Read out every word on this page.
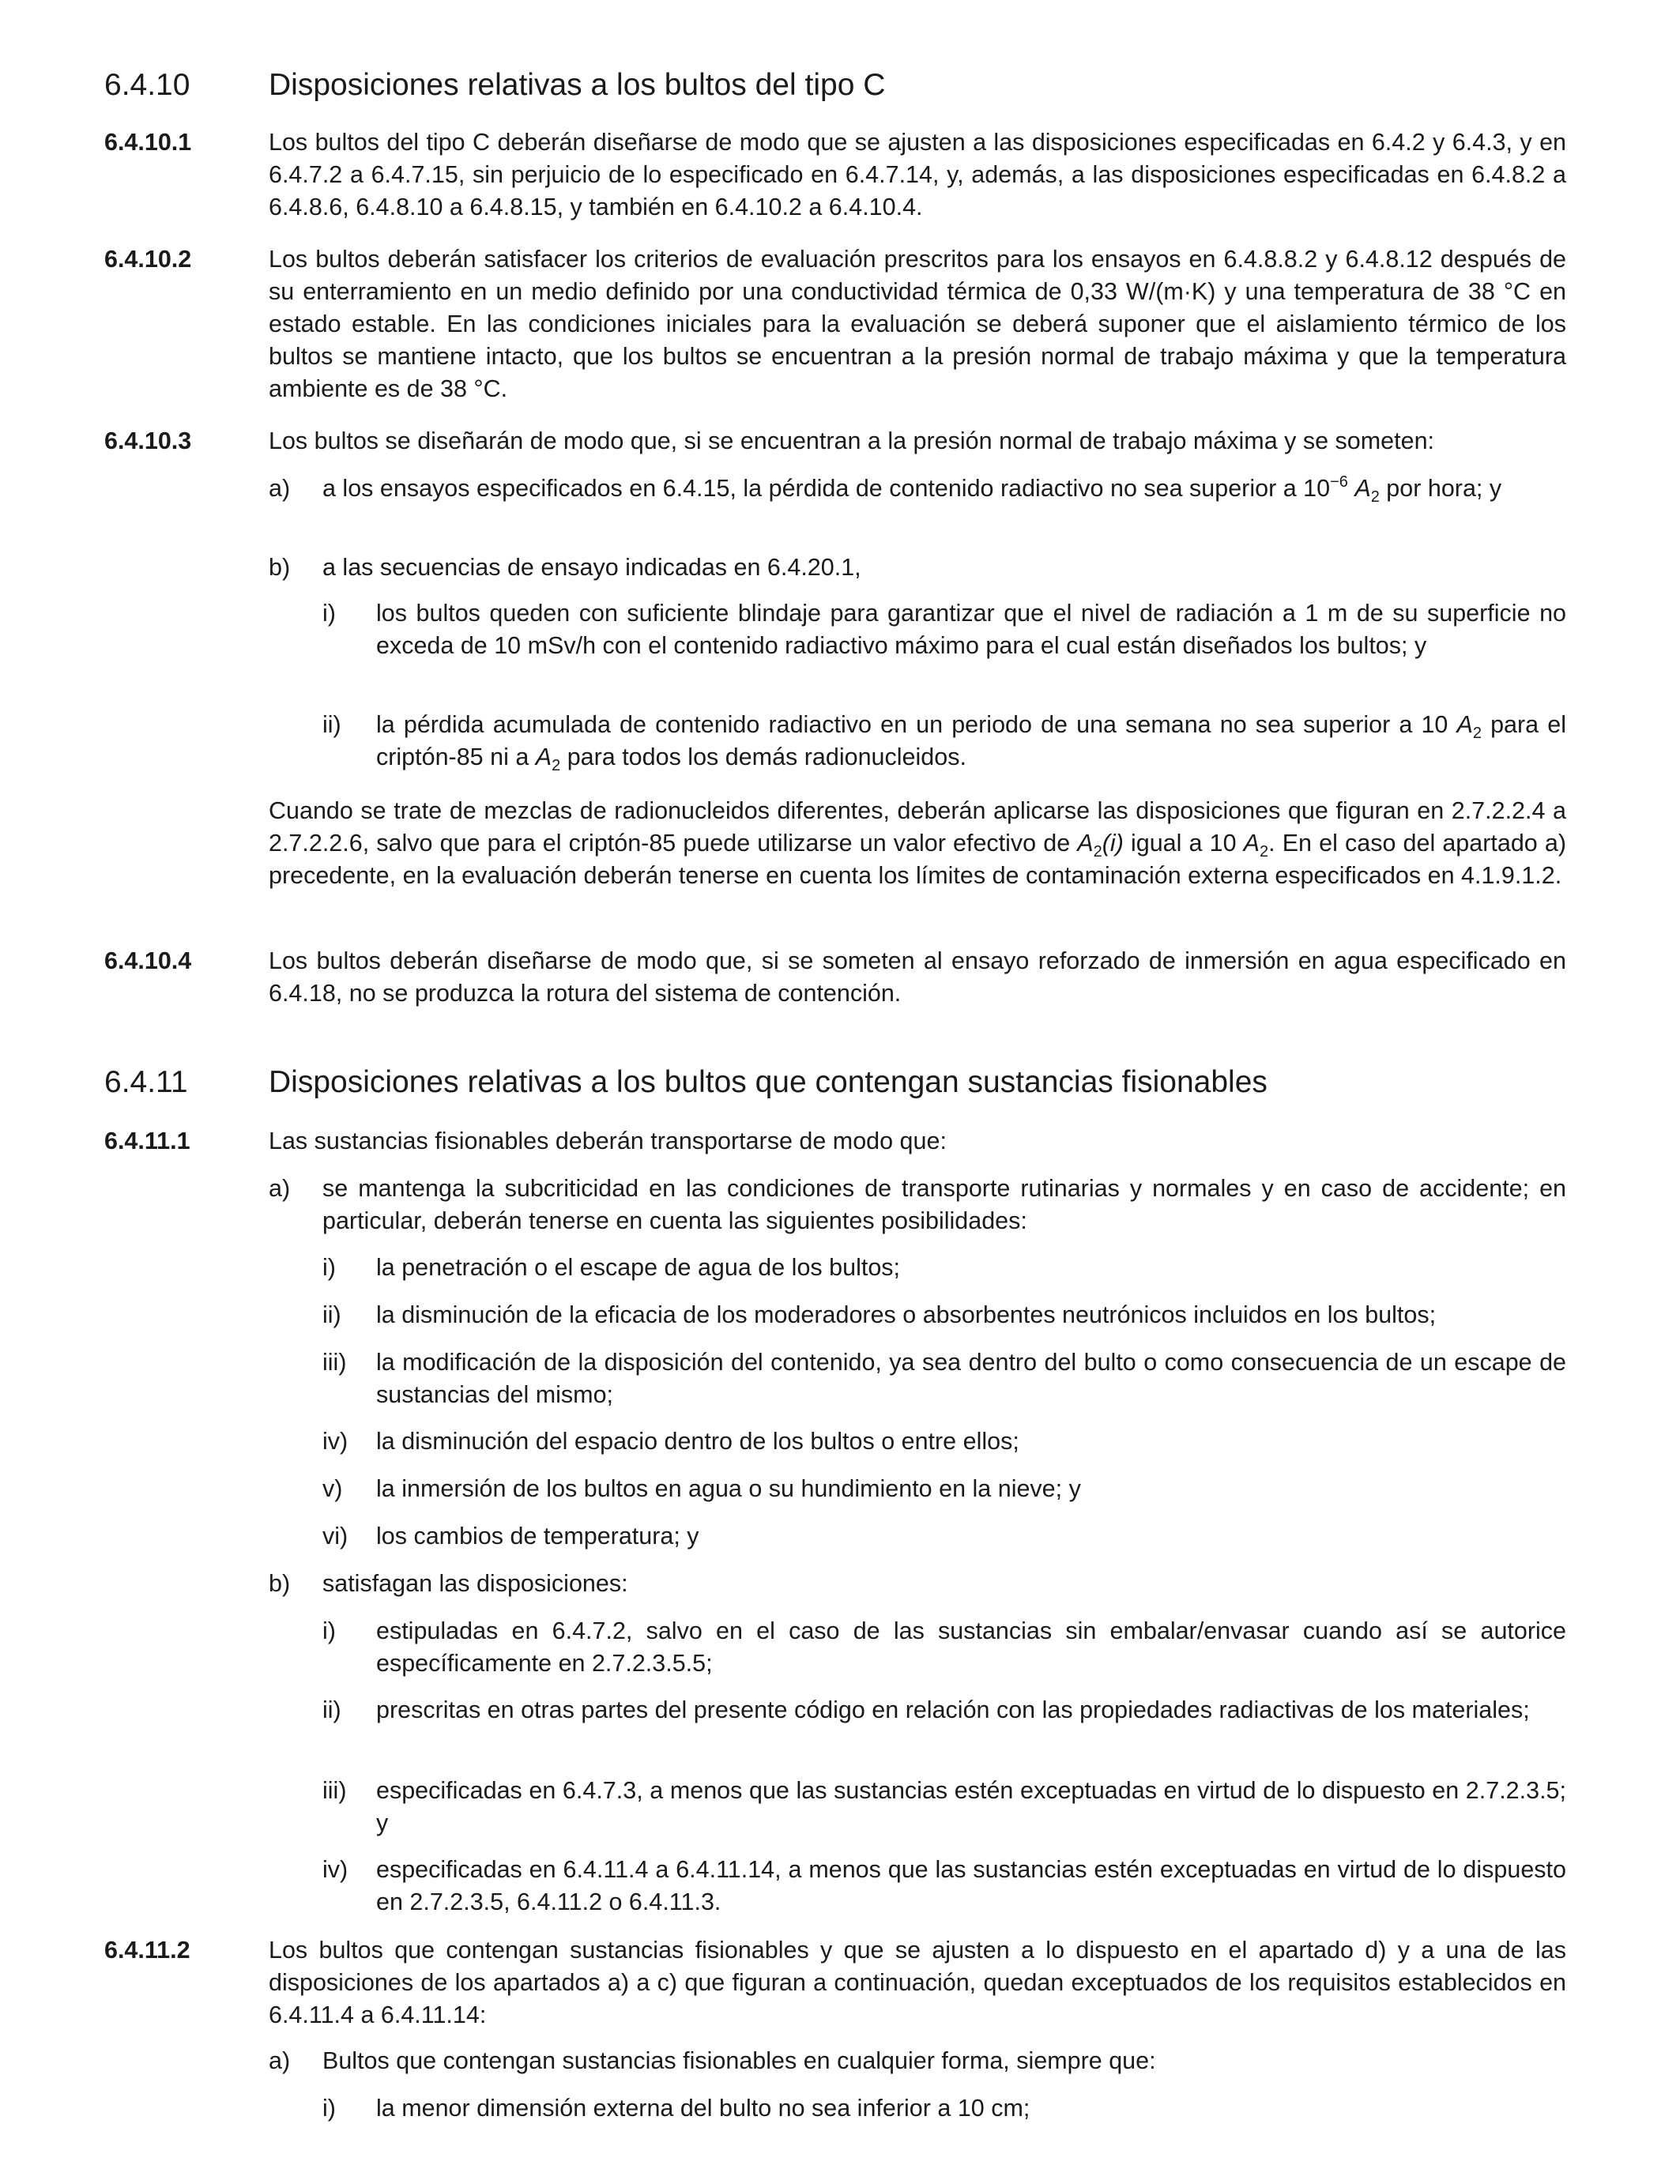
6.4.10	Disposiciones relativas a los bultos del tipo C
6.4.10.1	Los bultos del tipo C deberán diseñarse de modo que se ajusten a las disposiciones especificadas en 6.4.2 y 6.4.3, y en 6.4.7.2 a 6.4.7.15, sin perjuicio de lo especificado en 6.4.7.14, y, además, a las disposiciones especificadas en 6.4.8.2 a 6.4.8.6, 6.4.8.10 a 6.4.8.15, y también en 6.4.10.2 a 6.4.10.4.
6.4.10.2	Los bultos deberán satisfacer los criterios de evaluación prescritos para los ensayos en 6.4.8.8.2 y 6.4.8.12 después de su enterramiento en un medio definido por una conductividad térmica de 0,33 W/(m·K) y una temperatura de 38 °C en estado estable. En las condiciones iniciales para la evaluación se deberá suponer que el aislamiento térmico de los bultos se mantiene intacto, que los bultos se encuentran a la presión normal de trabajo máxima y que la temperatura ambiente es de 38 °C.
6.4.10.3	Los bultos se diseñarán de modo que, si se encuentran a la presión normal de trabajo máxima y se someten:
a) a los ensayos especificados en 6.4.15, la pérdida de contenido radiactivo no sea superior a $10^{-6}$ $A_2$ por hora; y
b) a las secuencias de ensayo indicadas en 6.4.20.1,
i) los bultos queden con suficiente blindaje para garantizar que el nivel de radiación a 1 m de su superficie no exceda de 10 mSv/h con el contenido radiactivo máximo para el cual están diseñados los bultos; y
ii) la pérdida acumulada de contenido radiactivo en un periodo de una semana no sea superior a 10 $A_2$ para el criptón-85 ni a $A_2$ para todos los demás radionucleidos.
Cuando se trate de mezclas de radionucleidos diferentes, deberán aplicarse las disposiciones que figuran en 2.7.2.2.4 a 2.7.2.2.6, salvo que para el criptón-85 puede utilizarse un valor efectivo de $A_2(i)$ igual a 10 $A_2$. En el caso del apartado a) precedente, en la evaluación deberán tenerse en cuenta los límites de contaminación externa especificados en 4.1.9.1.2.
6.4.10.4	Los bultos deberán diseñarse de modo que, si se someten al ensayo reforzado de inmersión en agua especificado en 6.4.18, no se produzca la rotura del sistema de contención.
6.4.11	Disposiciones relativas a los bultos que contengan sustancias fisionables
6.4.11.1	Las sustancias fisionables deberán transportarse de modo que:
a) se mantenga la subcriticidad en las condiciones de transporte rutinarias y normales y en caso de accidente; en particular, deberán tenerse en cuenta las siguientes posibilidades:
i) la penetración o el escape de agua de los bultos;
ii) la disminución de la eficacia de los moderadores o absorbentes neutrónicos incluidos en los bultos;
iii) la modificación de la disposición del contenido, ya sea dentro del bulto o como consecuencia de un escape de sustancias del mismo;
iv) la disminución del espacio dentro de los bultos o entre ellos;
v) la inmersión de los bultos en agua o su hundimiento en la nieve; y
vi) los cambios de temperatura; y
b) satisfagan las disposiciones:
i) estipuladas en 6.4.7.2, salvo en el caso de las sustancias sin embalar/envasar cuando así se autorice específicamente en 2.7.2.3.5.5;
ii) prescritas en otras partes del presente código en relación con las propiedades radiactivas de los materiales;
iii) especificadas en 6.4.7.3, a menos que las sustancias estén exceptuadas en virtud de lo dispuesto en 2.7.2.3.5; y
iv) especificadas en 6.4.11.4 a 6.4.11.14, a menos que las sustancias estén exceptuadas en virtud de lo dispuesto en 2.7.2.3.5, 6.4.11.2 o 6.4.11.3.
6.4.11.2	Los bultos que contengan sustancias fisionables y que se ajusten a lo dispuesto en el apartado d) y a una de las disposiciones de los apartados a) a c) que figuran a continuación, quedan exceptuados de los requisitos establecidos en 6.4.11.4 a 6.4.11.14:
a) Bultos que contengan sustancias fisionables en cualquier forma, siempre que:
i) la menor dimensión externa del bulto no sea inferior a 10 cm;
